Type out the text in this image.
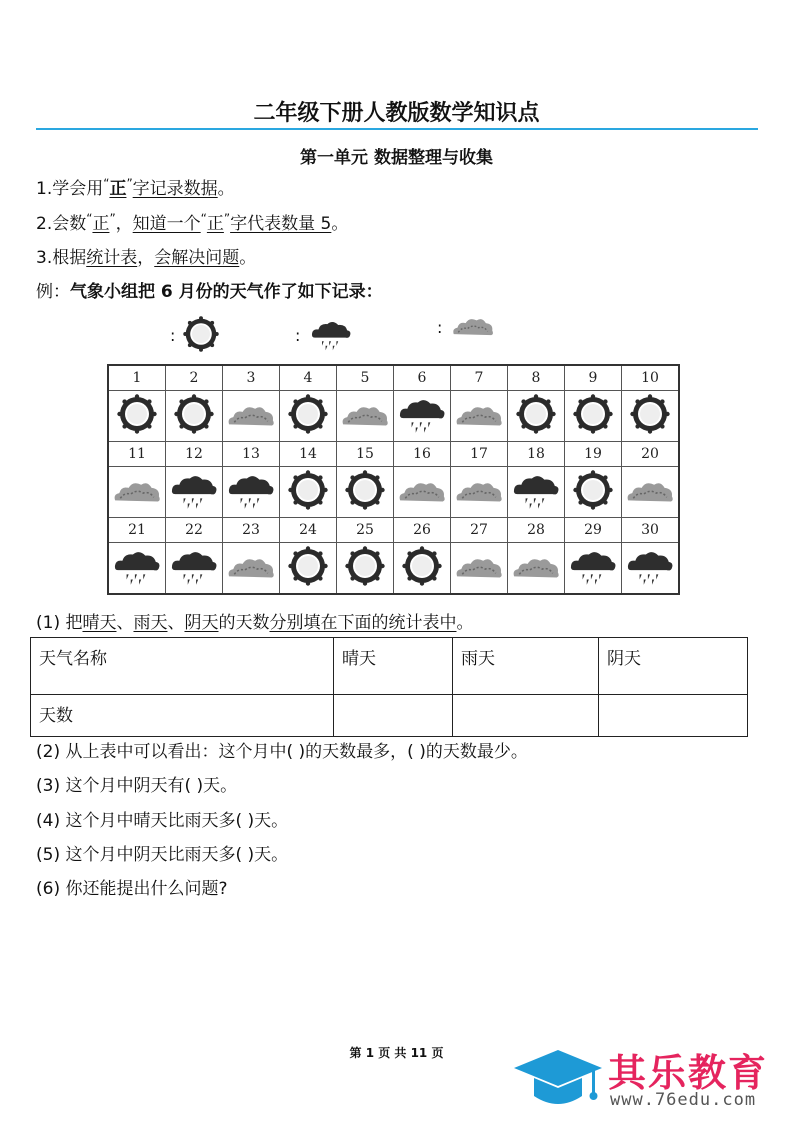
二年级下册人教版数学知识点
第一单元 数据整理与收集
1.学会用“正”字记录数据。
2.会数“正”，知道一个“正”字代表数量 5。
3.根据统计表，会解决问题。
例：气象小组把 6 月份的天气作了如下记录：
:	:	:
1	2	3	4	5	6	7	8	9	10

11	12	13	14	15	16	17	18	19	20

21	22	23	24	25	26	27	28	29	30

(1) 把晴天、雨天、阴天的天数分别填在下面的统计表中。
天气名称	晴天	雨天	阴天
天数			
(2) 从上表中可以看出：这个月中( )的天数最多，( )的天数最少。
(3) 这个月中阴天有( )天。
(4) 这个月中晴天比雨天多( )天。
(5) 这个月中阴天比雨天多( )天。
(6) 你还能提出什么问题?
第 1 页 共 11 页	其乐教育
www.76edu.com
